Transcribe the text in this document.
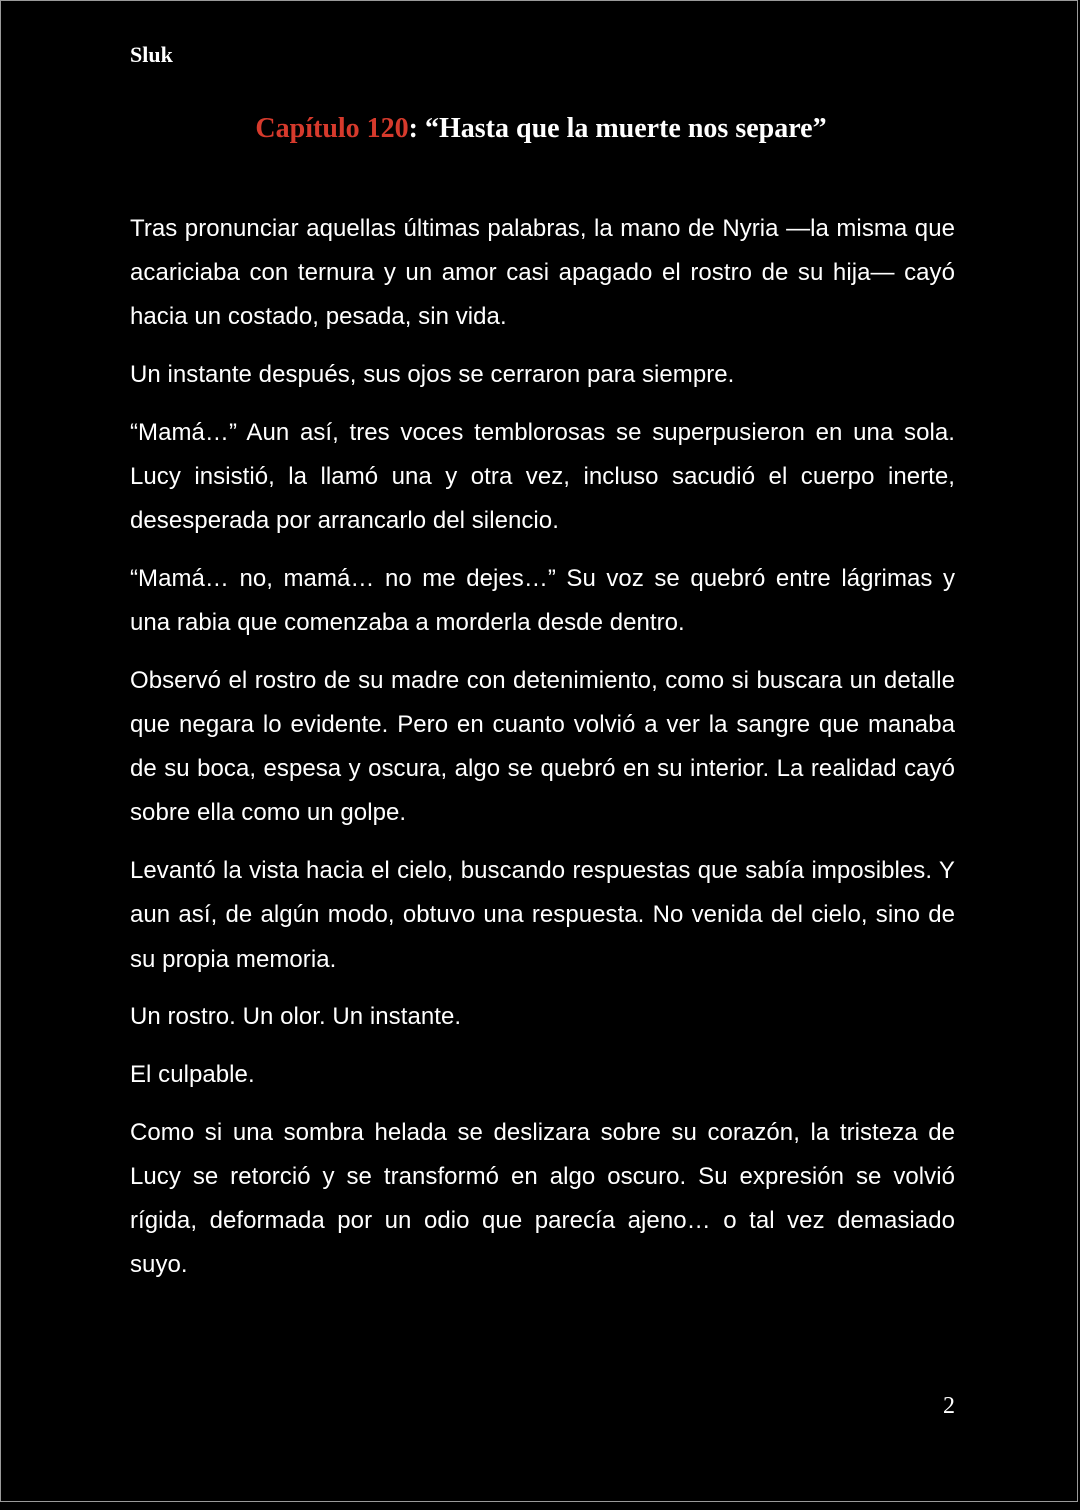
Sluk
Capítulo 120: “Hasta que la muerte nos separe”

Tras pronunciar aquellas últimas palabras, la mano de Nyria —la misma que acariciaba con ternura y un amor casi apagado el rostro de su hija— cayó hacia un costado, pesada, sin vida.

Un instante después, sus ojos se cerraron para siempre.

“Mamá…” Aun así, tres voces temblorosas se superpusieron en una sola. Lucy insistió, la llamó una y otra vez, incluso sacudió el cuerpo inerte, desesperada por arrancarlo del silencio.

“Mamá… no, mamá… no me dejes…” Su voz se quebró entre lágrimas y una rabia que comenzaba a morderla desde dentro.

Observó el rostro de su madre con detenimiento, como si buscara un detalle que negara lo evidente. Pero en cuanto volvió a ver la sangre que manaba de su boca, espesa y oscura, algo se quebró en su interior. La realidad cayó sobre ella como un golpe.

Levantó la vista hacia el cielo, buscando respuestas que sabía imposibles. Y aun así, de algún modo, obtuvo una respuesta. No venida del cielo, sino de su propia memoria.

Un rostro. Un olor. Un instante.

El culpable.

Como si una sombra helada se deslizara sobre su corazón, la tristeza de Lucy se retorció y se transformó en algo oscuro. Su expresión se volvió rígida, deformada por un odio que parecía ajeno… o tal vez demasiado suyo.

2
